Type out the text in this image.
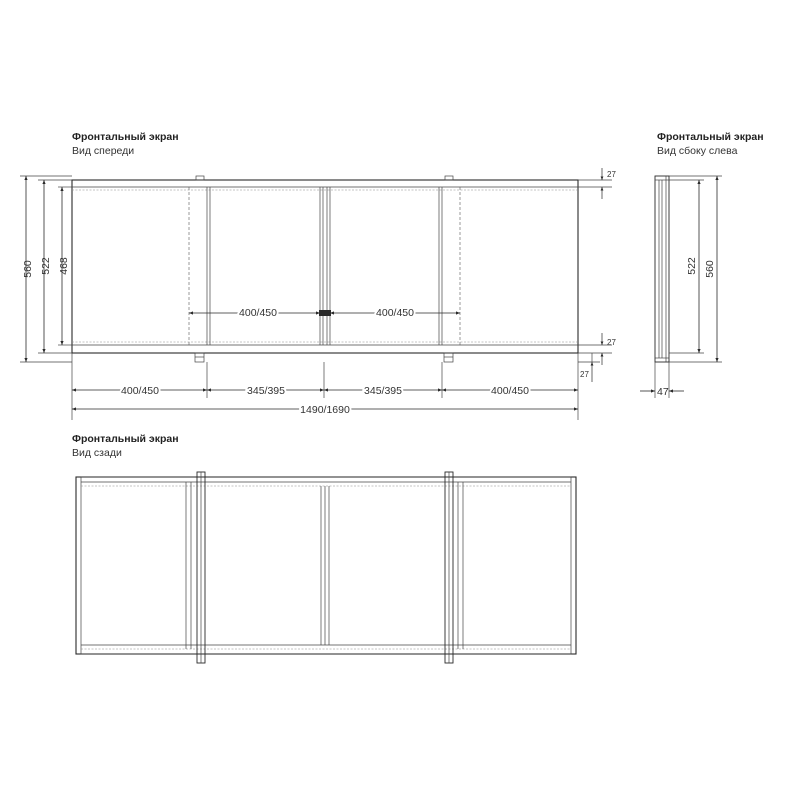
Фронтальный экран
Вид спереди
560 522 468
400/450	400/450
27
27
27
400/450	345/395	345/395	400/450
1490/1690
Фронтальный экран
Вид сбоку слева
522 560
47
Фронтальный экран
Вид сзади
